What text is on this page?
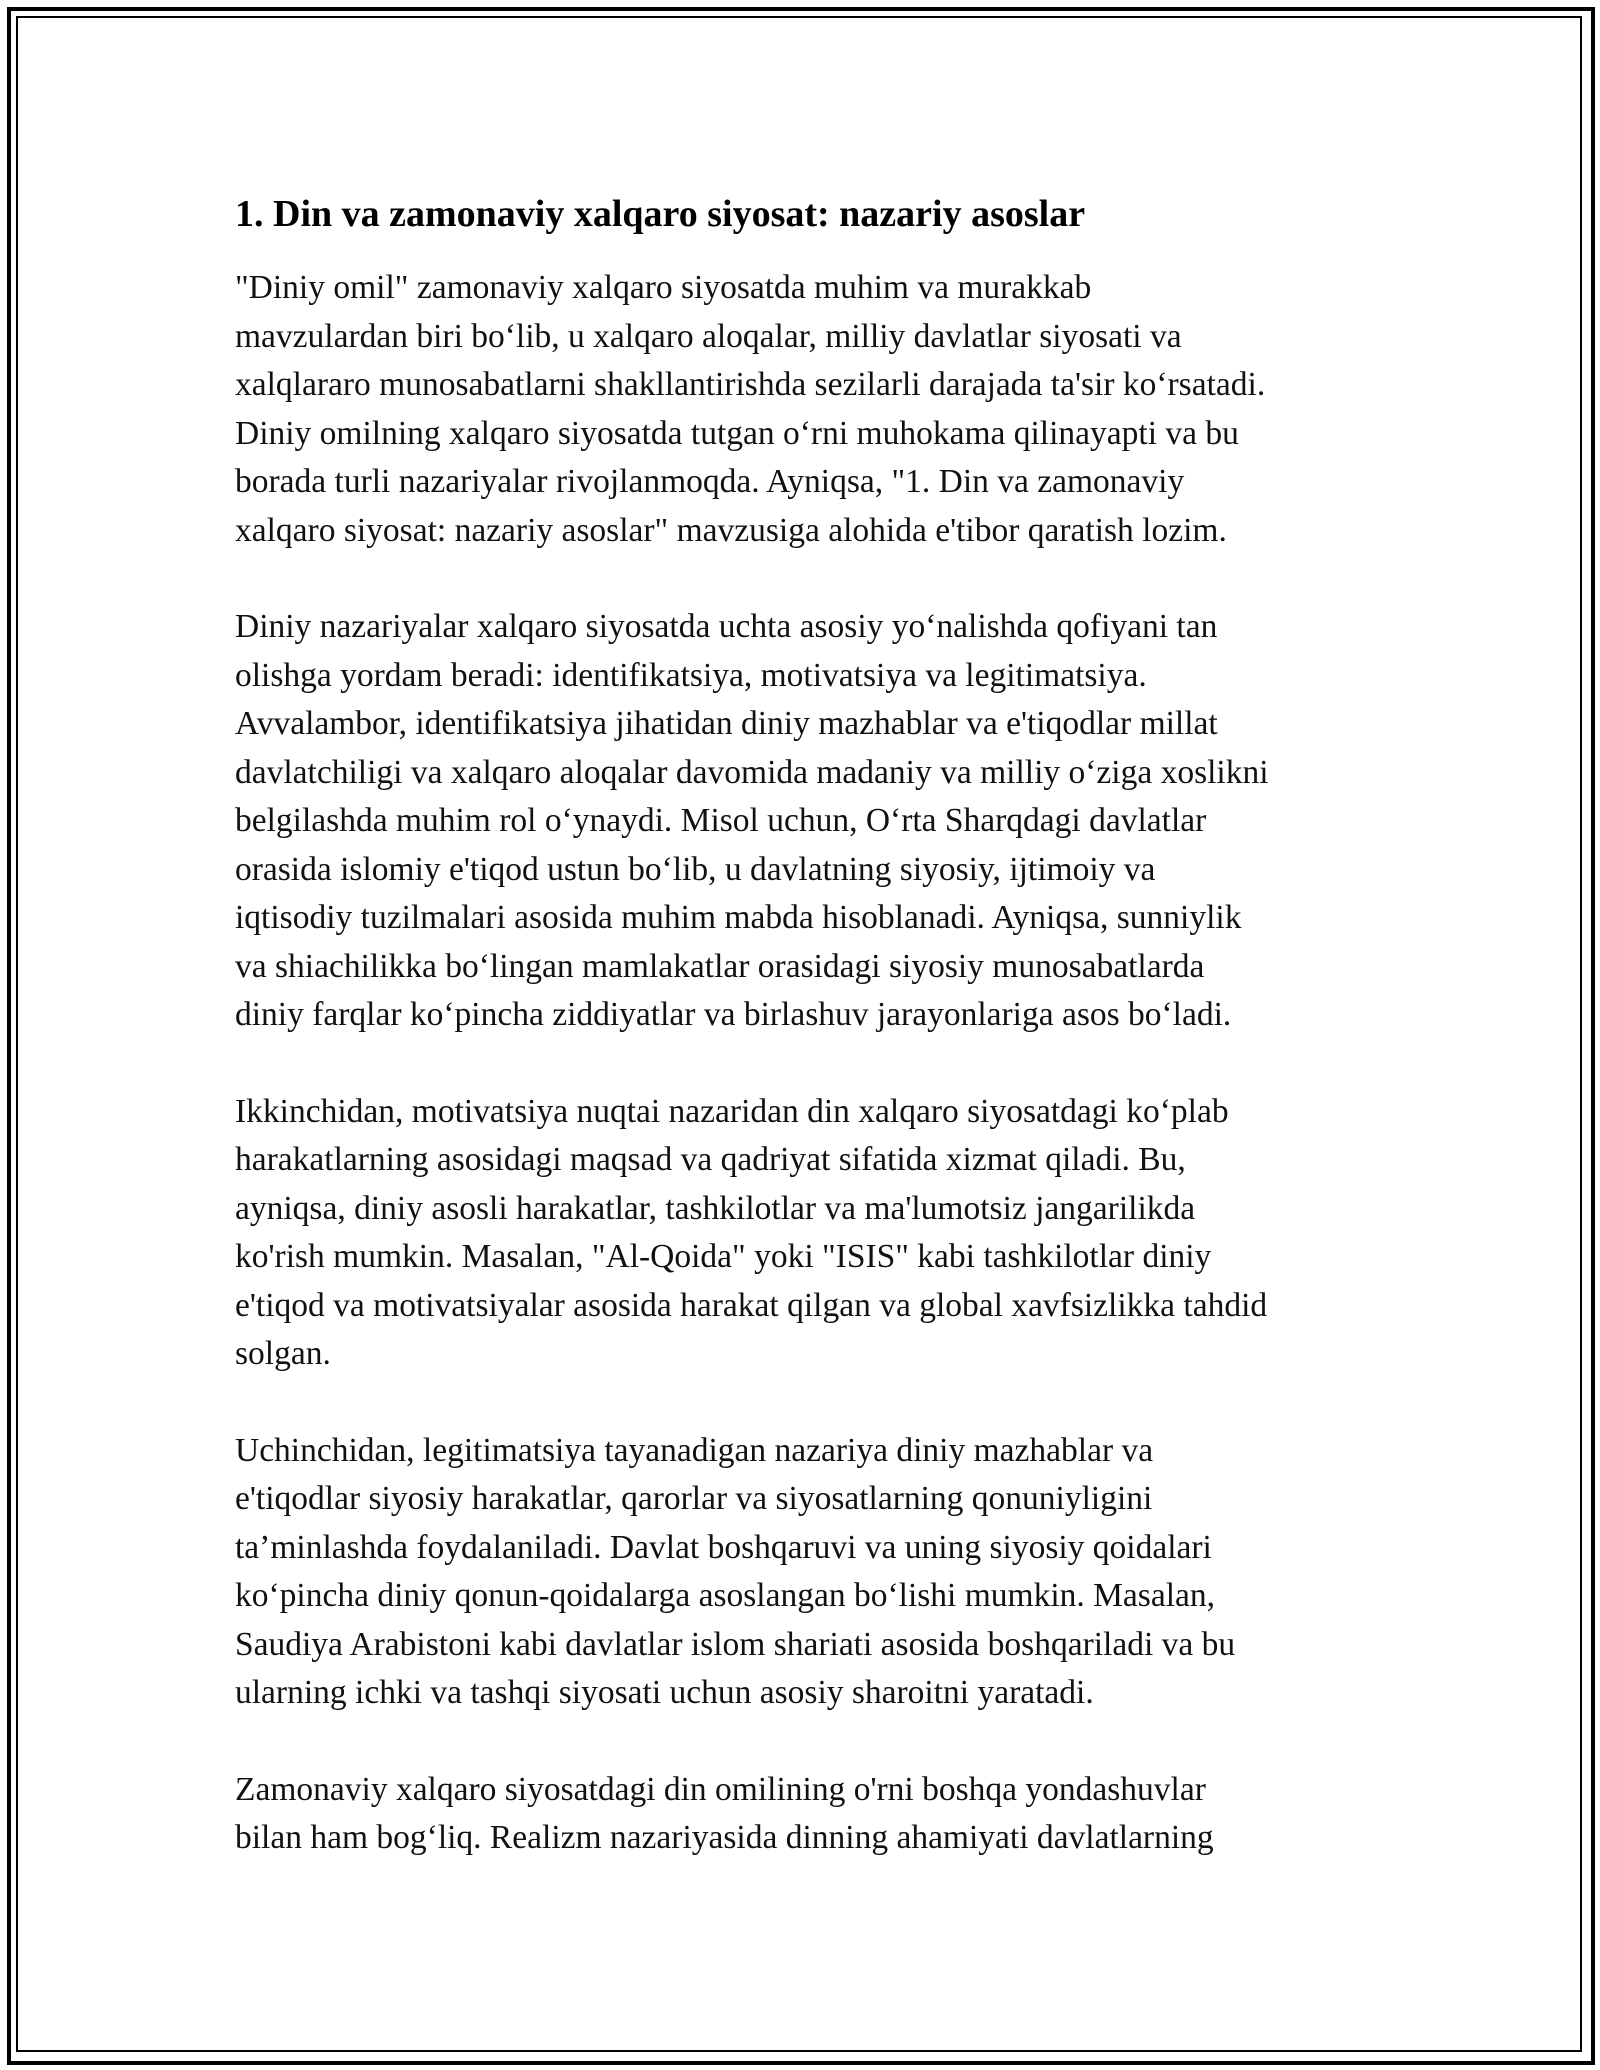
1. Din va zamonaviy xalqaro siyosat: nazariy asoslar

"Diniy omil" zamonaviy xalqaro siyosatda muhim va murakkab
mavzulardan biri bo‘lib, u xalqaro aloqalar, milliy davlatlar siyosati va
xalqlararo munosabatlarni shakllantirishda sezilarli darajada ta'sir ko‘rsatadi.
Diniy omilning xalqaro siyosatda tutgan o‘rni muhokama qilinayapti va bu
borada turli nazariyalar rivojlanmoqda. Ayniqsa, "1. Din va zamonaviy
xalqaro siyosat: nazariy asoslar" mavzusiga alohida e'tibor qaratish lozim.

Diniy nazariyalar xalqaro siyosatda uchta asosiy yo‘nalishda qofiyani tan
olishga yordam beradi: identifikatsiya, motivatsiya va legitimatsiya.
Avvalambor, identifikatsiya jihatidan diniy mazhablar va e'tiqodlar millat
davlatchiligi va xalqaro aloqalar davomida madaniy va milliy o‘ziga xoslikni
belgilashda muhim rol o‘ynaydi. Misol uchun, O‘rta Sharqdagi davlatlar
orasida islomiy e'tiqod ustun bo‘lib, u davlatning siyosiy, ijtimoiy va
iqtisodiy tuzilmalari asosida muhim mabda hisoblanadi. Ayniqsa, sunniylik
va shiachilikka bo‘lingan mamlakatlar orasidagi siyosiy munosabatlarda
diniy farqlar ko‘pincha ziddiyatlar va birlashuv jarayonlariga asos bo‘ladi.

Ikkinchidan, motivatsiya nuqtai nazaridan din xalqaro siyosatdagi ko‘plab
harakatlarning asosidagi maqsad va qadriyat sifatida xizmat qiladi. Bu,
ayniqsa, diniy asosli harakatlar, tashkilotlar va ma'lumotsiz jangarilikda
ko'rish mumkin. Masalan, "Al-Qoida" yoki "ISIS" kabi tashkilotlar diniy
e'tiqod va motivatsiyalar asosida harakat qilgan va global xavfsizlikka tahdid
solgan.

Uchinchidan, legitimatsiya tayanadigan nazariya diniy mazhablar va
e'tiqodlar siyosiy harakatlar, qarorlar va siyosatlarning qonuniyligini
ta’minlashda foydalaniladi. Davlat boshqaruvi va uning siyosiy qoidalari
ko‘pincha diniy qonun-qoidalarga asoslangan bo‘lishi mumkin. Masalan,
Saudiya Arabistoni kabi davlatlar islom shariati asosida boshqariladi va bu
ularning ichki va tashqi siyosati uchun asosiy sharoitni yaratadi.

Zamonaviy xalqaro siyosatdagi din omilining o'rni boshqa yondashuvlar
bilan ham bog‘liq. Realizm nazariyasida dinning ahamiyati davlatlarning
